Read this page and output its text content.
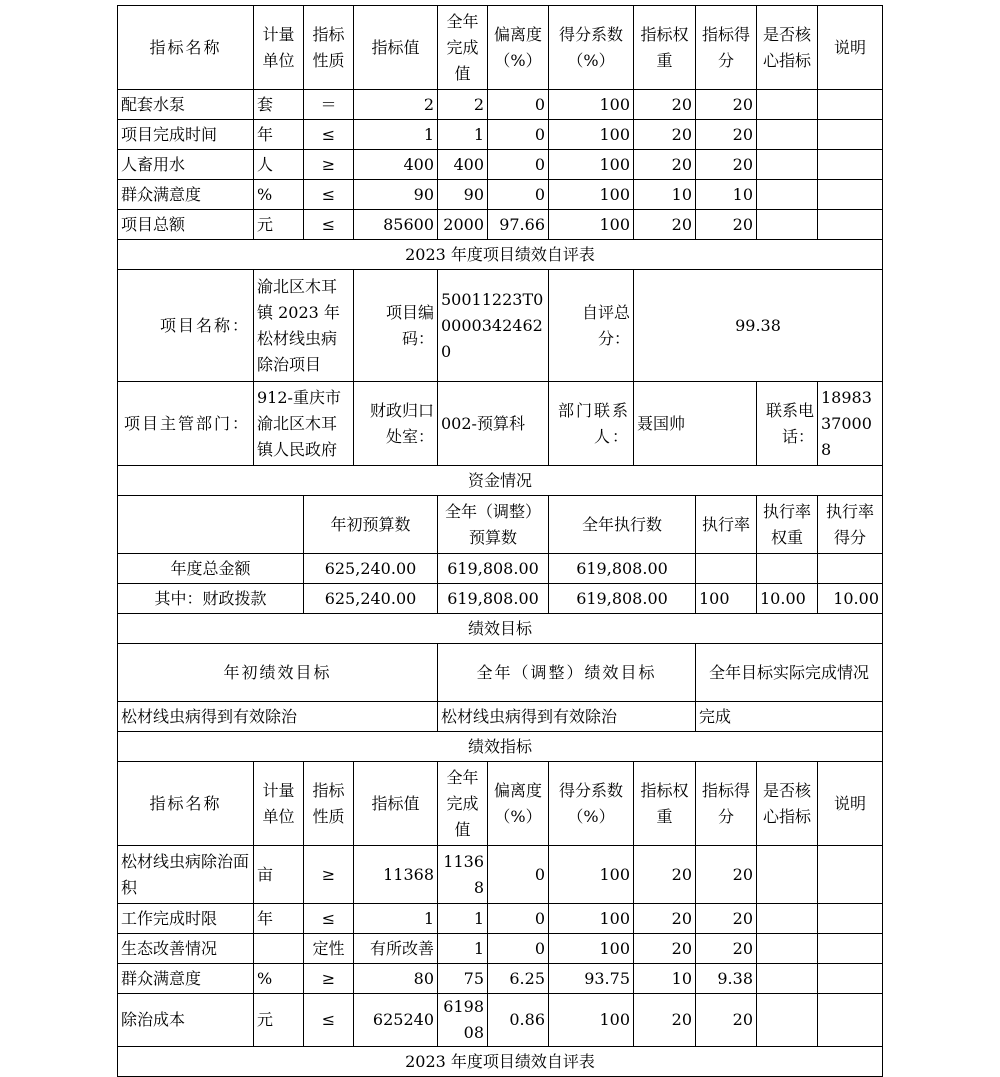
指标名称	计量单位	指标性质	指标值	全年完成值	偏离度（%）	得分系数（%）	指标权重	指标得分	是否核心指标	说明
配套水泵	套	＝	2	2	0	100	20	20		
项目完成时间	年	≤	1	1	0	100	20	20		
人畜用水	人	≥	400	400	0	100	20	20		
群众满意度	%	≤	90	90	0	100	10	10		
项目总额	元	≤	85600	2000	97.66	100	20	20		
2023 年度项目绩效自评表										
项目名称：	渝北区木耳镇 2023 年松材线虫病除治项目		项目编码：	50011223T000003424620		自评总分：	99.38			
项目主管部门：	912-重庆市渝北区木耳镇人民政府		财政归口处室：	002-预算科		部门联系人：	聂国帅		联系电话：	18983370008
资金情况										
		年初预算数		全年（调整）预算数		全年执行数		执行率	执行率权重	执行率得分
年度总金额		625,240.00		619,808.00		619,808.00				
其中：财政拨款		625,240.00		619,808.00		619,808.00		100	10.00	10.00
绩效目标										
年初绩效目标				全年（调整）绩效目标				全年目标实际完成情况		
松材线虫病得到有效除治				松材线虫病得到有效除治				完成		
绩效指标										
指标名称	计量单位	指标性质	指标值	全年完成值	偏离度（%）	得分系数（%）	指标权重	指标得分	是否核心指标	说明
松材线虫病除治面积	亩	≥	11368	11368	0	100	20	20		
工作完成时限	年	≤	1	1	0	100	20	20		
生态改善情况		定性	有所改善	1	0	100	20	20		
群众满意度	%	≥	80	75	6.25	93.75	10	9.38		
除治成本	元	≤	625240	619808	0.86	100	20	20		
2023 年度项目绩效自评表										
